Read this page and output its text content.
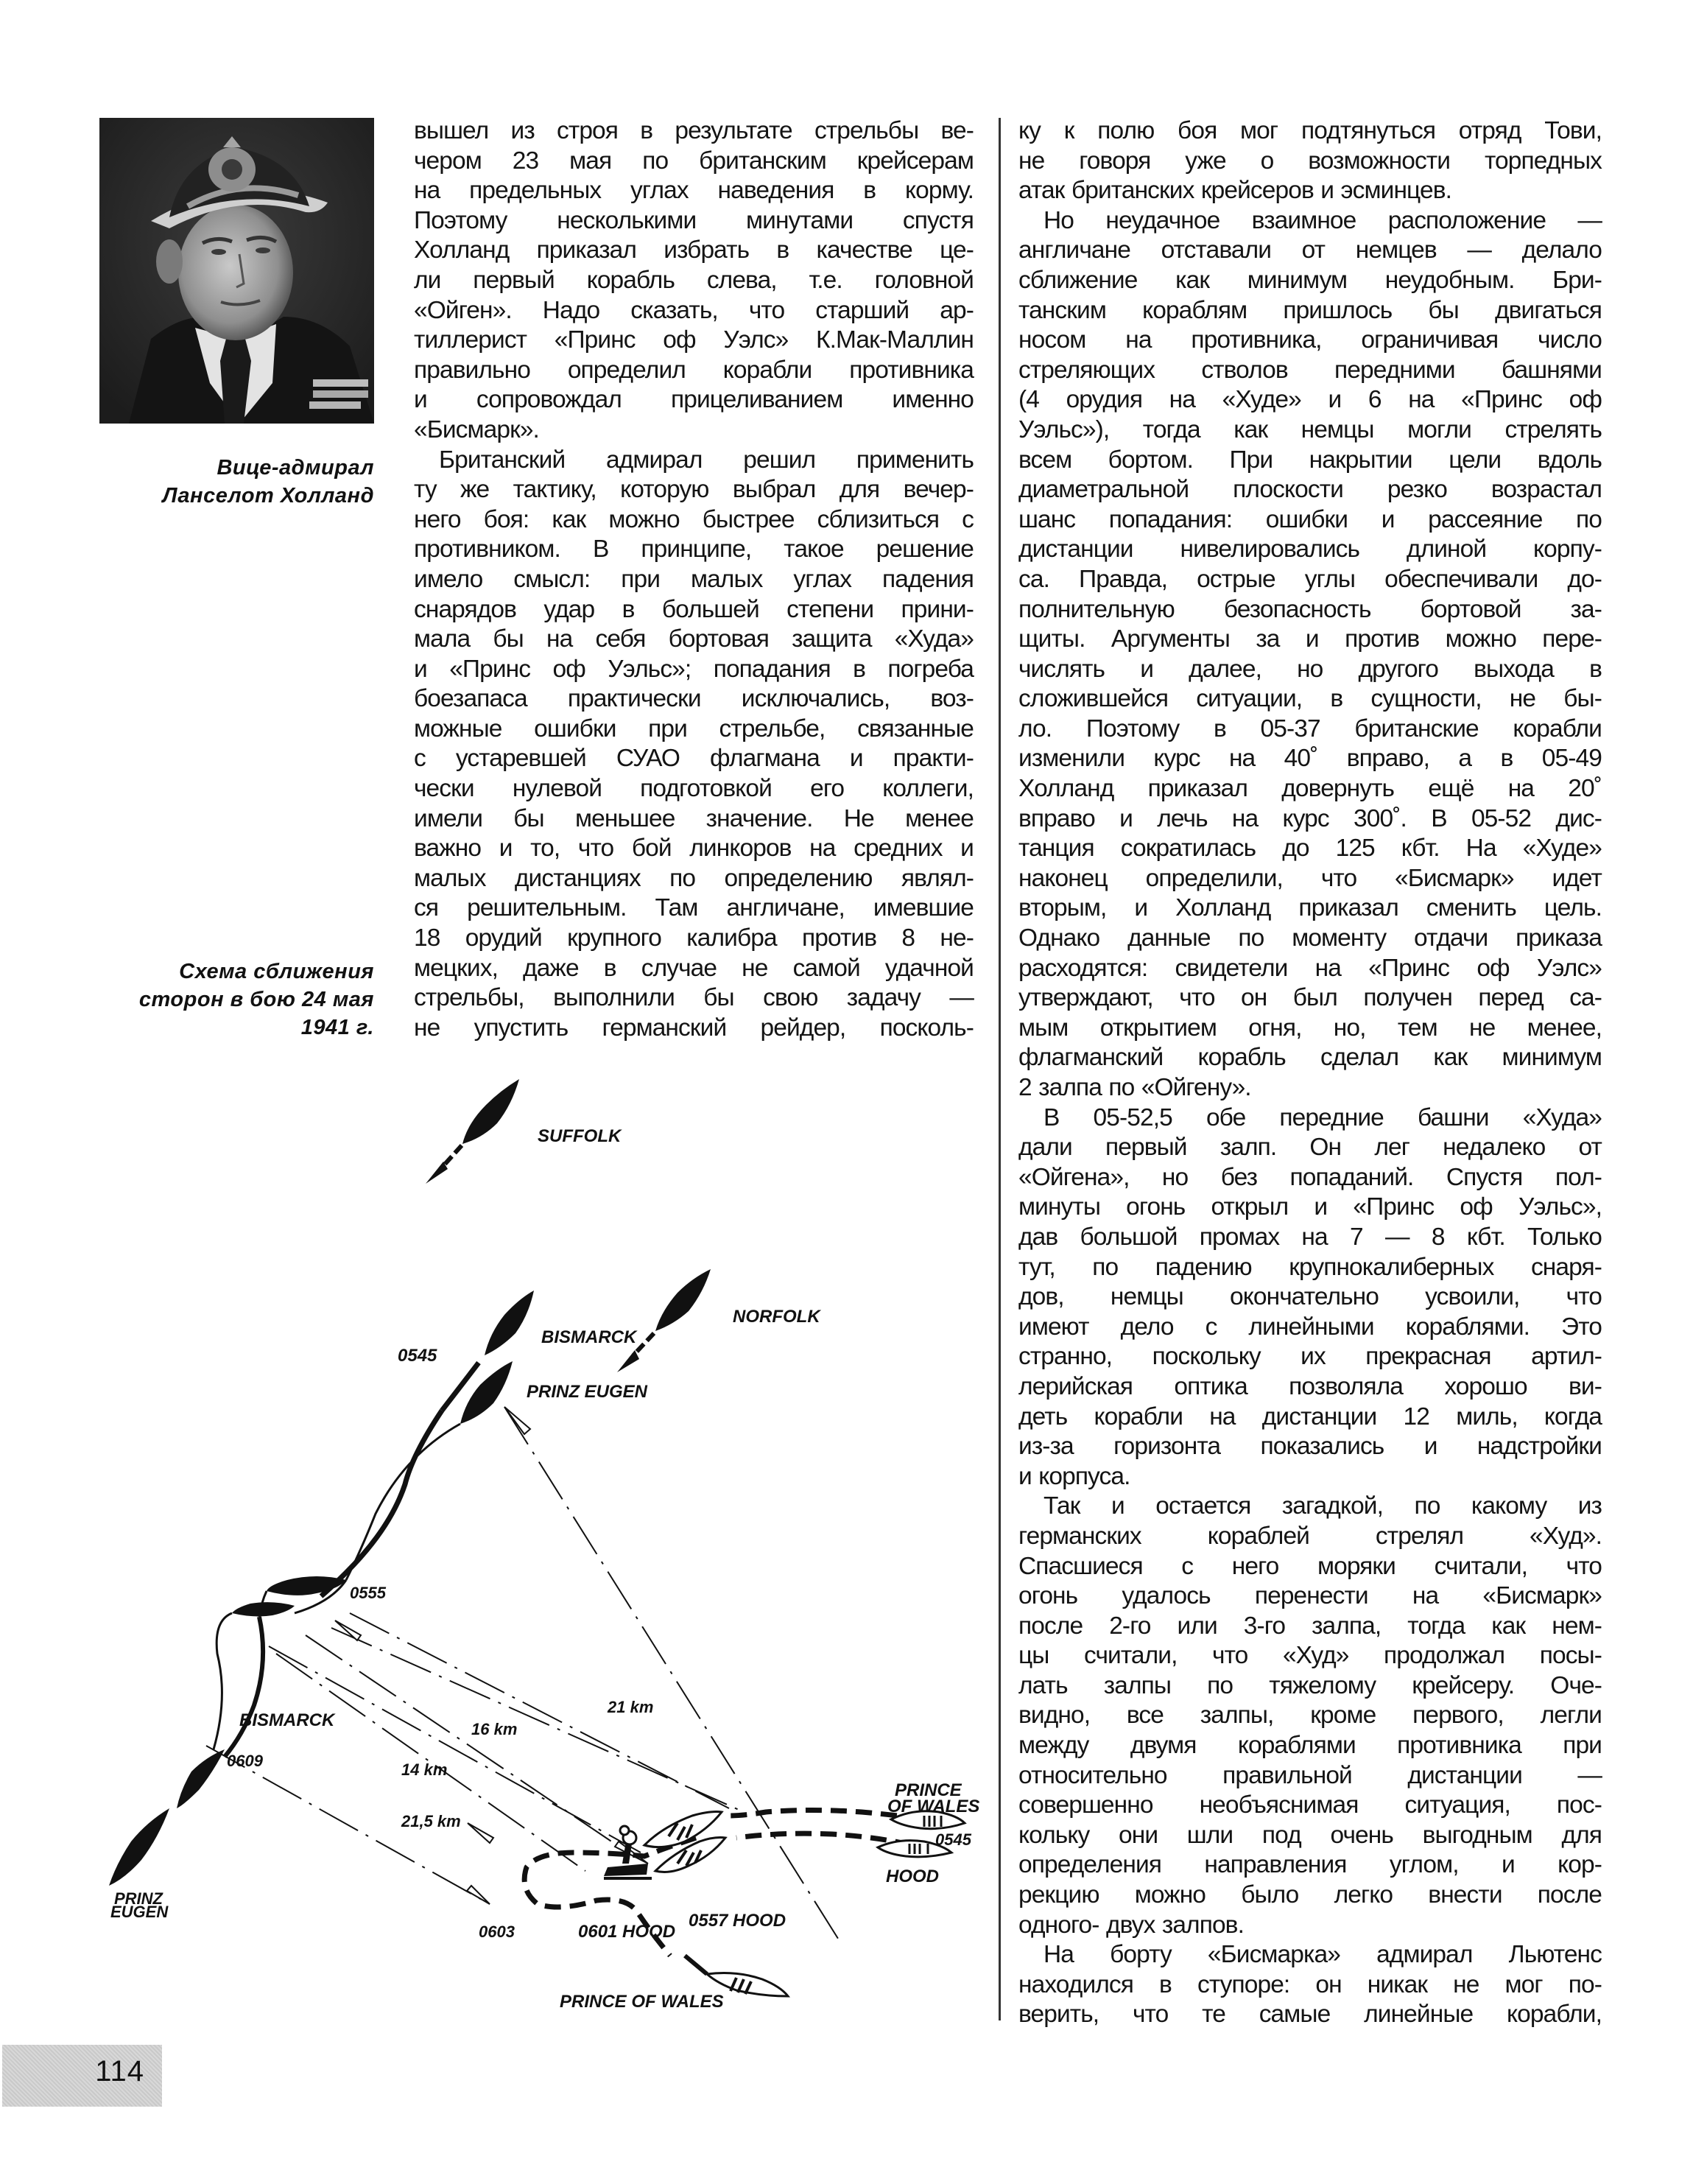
Вице-адмирал
Ланселот Холланд
Схема сближения
сторон в бою 24 мая
1941 г.
вышел из строя в результате стрельбы ве-
чером 23 мая по британским крейсерам
на предельных углах наведения в корму.
Поэтому несколькими минутами спустя
Холланд приказал избрать в качестве це-
ли первый корабль слева, т.е. головной
«Ойген». Надо сказать, что старший ар-
тиллерист «Принс оф Уэлс» К.Мак-Маллин
правильно определил корабли противника
и сопровождал прицеливанием именно
«Бисмарк».
Британский адмирал решил применить
ту же тактику, которую выбрал для вечер-
него боя: как можно быстрее сблизиться с
противником. В принципе, такое решение
имело смысл: при малых углах падения
снарядов удар в большей степени прини-
мала бы на себя бортовая защита «Худа»
и «Принс оф Уэльс»; попадания в погреба
боезапаса практически исключались, воз-
можные ошибки при стрельбе, связанные
с устаревшей СУАО флагмана и практи-
чески нулевой подготовкой его коллеги,
имели бы меньшее значение. Не менее
важно и то, что бой линкоров на средних и
малых дистанциях по определению являл-
ся решительным. Там англичане, имевшие
18 орудий крупного калибра против 8 не-
мецких, даже в случае не самой удачной
стрельбы, выполнили бы свою задачу —
не упустить германский рейдер, посколь-
ку к полю боя мог подтянуться отряд Тови,
не говоря уже о возможности торпедных
атак британских крейсеров и эсминцев.
Но неудачное взаимное расположение —
англичане отставали от немцев — делало
сближение как минимум неудобным. Бри-
танским кораблям пришлось бы двигаться
носом на противника, ограничивая число
стреляющих стволов передними башнями
(4 орудия на «Худе» и 6 на «Принс оф
Уэльс»), тогда как немцы могли стрелять
всем бортом. При накрытии цели вдоль
диаметральной плоскости резко возрастал
шанс попадания: ошибки и рассеяние по
дистанции нивелировались длиной корпу-
са. Правда, острые углы обеспечивали до-
полнительную безопасность бортовой за-
щиты. Аргументы за и против можно пере-
числять и далее, но другого выхода в
сложившейся ситуации, в сущности, не бы-
ло. Поэтому в 05-37 британские корабли
изменили курс на 40˚ вправо, а в 05-49
Холланд приказал довернуть ещё на 20˚
вправо и лечь на курс 300˚. В 05-52 дис-
танция сократилась до 125 кбт. На «Худе»
наконец определили, что «Бисмарк» идет
вторым, и Холланд приказал сменить цель.
Однако данные по моменту отдачи приказа
расходятся: свидетели на «Принс оф Уэлс»
утверждают, что он был получен перед са-
мым открытием огня, но, тем не менее,
флагманский корабль сделал как минимум
2 залпа по «Ойгену».
В 05-52,5 обе передние башни «Худа»
дали первый залп. Он лег недалеко от
«Ойгена», но без попаданий. Спустя пол-
минуты огонь открыл и «Принс оф Уэльс»,
дав большой промах на 7 — 8 кбт. Только
тут, по падению крупнокалиберных снаря-
дов, немцы окончательно усвоили, что
имеют дело с линейными кораблями. Это
странно, поскольку их прекрасная артил-
лерийская оптика позволяла хорошо ви-
деть корабли на дистанции 12 миль, когда
из-за горизонта показались и надстройки
и корпуса.
Так и остается загадкой, по какому из
германских кораблей стрелял «Худ».
Спасшиеся с него моряки считали, что
огонь удалось перенести на «Бисмарк»
после 2-го или 3-го залпа, тогда как нем-
цы считали, что «Худ» продолжал посы-
лать залпы по тяжелому крейсеру. Оче-
видно, все залпы, кроме первого, легли
между двумя кораблями противника при
относительно правильной дистанции —
совершенно необъяснимая ситуация, пос-
кольку они шли под очень выгодным для
определения направления углом, и кор-
рекцию можно было легко внести после
одного- двух залпов.
На борту «Бисмарка» адмирал Льютенс
находился в ступоре: он никак не мог по-
верить, что те самые линейные корабли,
SUFFOLK
NORFOLK
BISMARCK
0545
PRINZ EUGEN
0555
21 km
16 km
BISMARCK
14 km
0609
PRINZ
EUGEN
21,5 km
0603	0601 HOOD
0557 HOOD
PRINCE
OF WALES
0545
HOOD
PRINCE OF WALES
114
